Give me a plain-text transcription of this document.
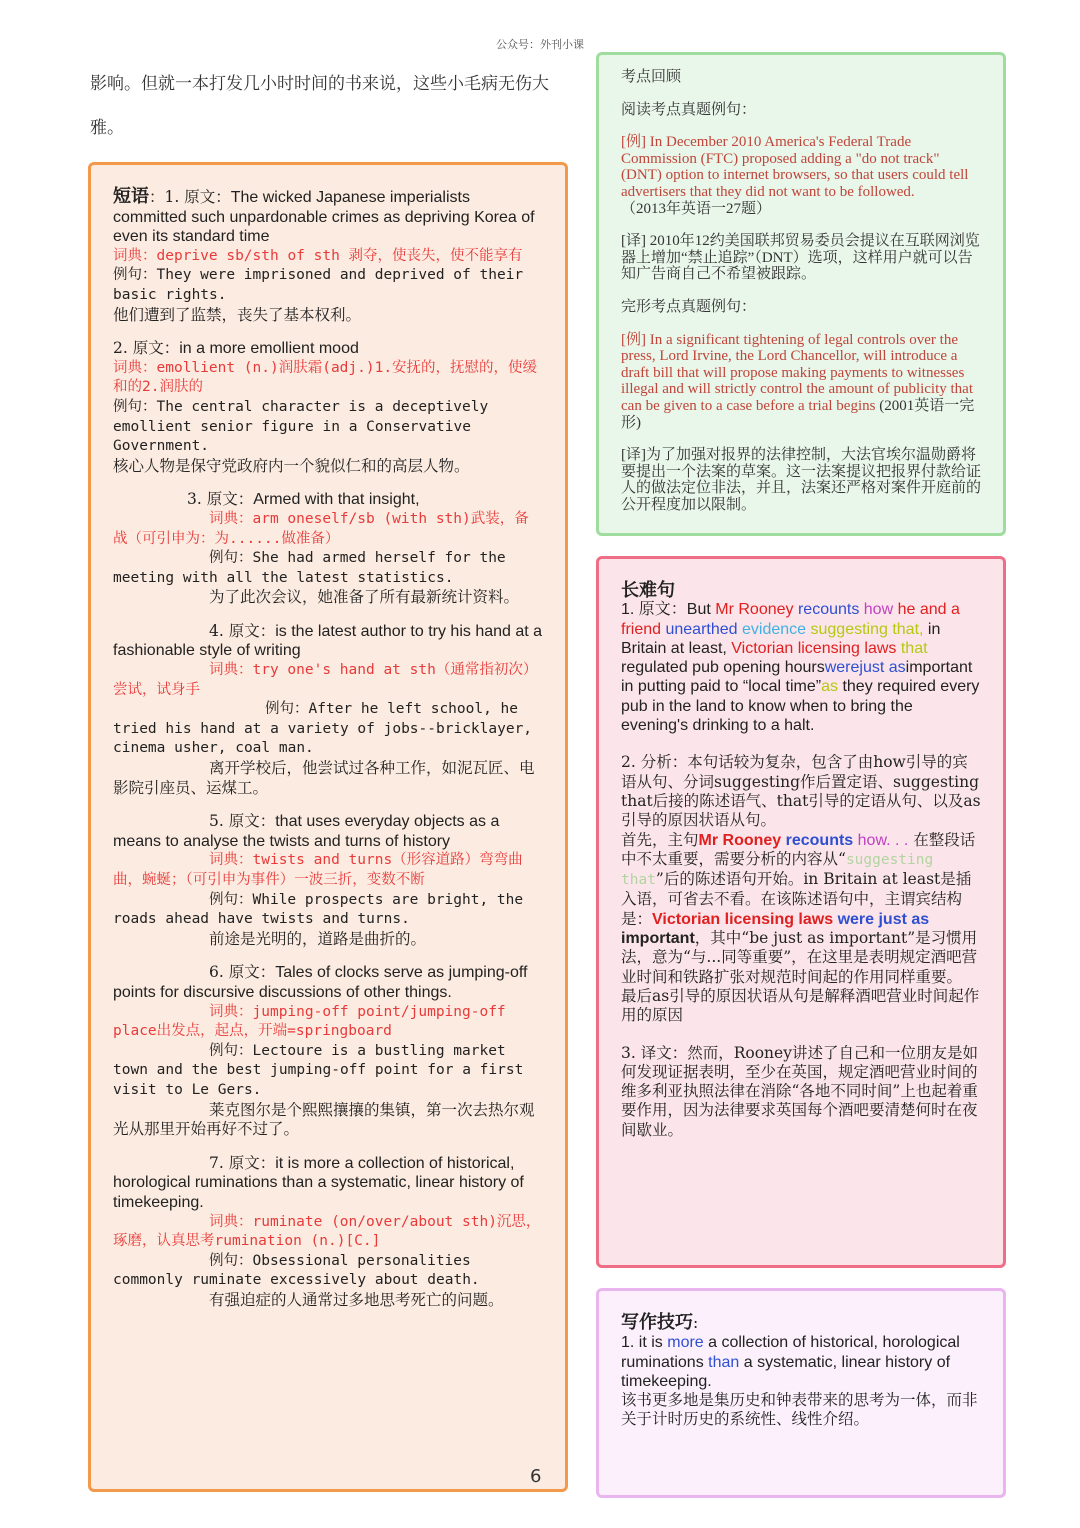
公众号：外刊小课
影响。但就一本打发几小时时间的书来说，这些小毛病无伤大
雅。
短语：1. 原文：The wicked Japanese imperialists committed such unpardonable crimes as depriving Korea of even its standard time
词典：deprive sb/sth of sth 剥夺，使丧失，使不能享有
例句：They were imprisoned and deprived of their basic rights.
他们遭到了监禁，丧失了基本权利。
2. 原文：in a more emollient mood
词典：emollient (n.)润肤霜(adj.)1.安抚的，抚慰的，使缓和的2.润肤的
例句：The central character is a deceptively emollient senior figure in a Conservative Government.
核心人物是保守党政府内一个貌似仁和的高层人物。
3. 原文：Armed with that insight,
词典：arm oneself/sb (with sth)武装，备战（可引申为：为......做准备）
例句：She had armed herself for the meeting with all the latest statistics.
为了此次会议，她准备了所有最新统计资料。
4. 原文：is the latest author to try his hand at a fashionable style of writing
词典：try one's hand at sth（通常指初次）尝试，试身手
例句：After he left school, he tried his hand at a variety of jobs--bricklayer, cinema usher, coal man.
离开学校后，他尝试过各种工作，如泥瓦匠、电影院引座员、运煤工。
5. 原文：that uses everyday objects as a means to analyse the twists and turns of history
词典：twists and turns（形容道路）弯弯曲曲，蜿蜒；（可引申为事件）一波三折，变数不断
例句：While prospects are bright, the roads ahead have twists and turns.
前途是光明的，道路是曲折的。
6. 原文：Tales of clocks serve as jumping-off points for discursive discussions of other things.
词典：jumping-off point/jumping-off place出发点，起点，开端=springboard
例句：Lectoure is a bustling market town and the best jumping-off point for a first visit to Le Gers.
莱克图尔是个熙熙攘攘的集镇，第一次去热尔观光从那里开始再好不过了。
7. 原文：it is more a collection of historical, horological ruminations than a systematic, linear history of timekeeping.
词典：ruminate (on/over/about sth)沉思，琢磨，认真思考rumination (n.)[C.]
例句：Obsessional personalities commonly ruminate excessively about death.
有强迫症的人通常过多地思考死亡的问题。

考点回顾

阅读考点真题例句：

[例] In December 2010 America's Federal Trade Commission (FTC) proposed adding a "do not track" (DNT) option to internet browsers, so that users could tell advertisers that they did not want to be followed.
（2013年英语一27题）

[译] 2010年12约美国联邦贸易委员会提议在互联网浏览器上增加“禁止追踪”（DNT）选项，这样用户就可以告知广告商自己不希望被跟踪。

完形考点真题例句：

[例] In a significant tightening of legal controls over the press, Lord Irvine, the Lord Chancellor, will introduce a draft bill that will propose making payments to witnesses illegal and will strictly control the amount of publicity that can be given to a case before a trial begins (2001英语一完形)

[译]为了加强对报界的法律控制，大法官埃尔温勋爵将要提出一个法案的草案。这一法案提议把报界付款给证人的做法定位非法，并且，法案还严格对案件开庭前的公开程度加以限制。

长难句

1. 原文：But Mr Rooney recounts how he and a friend unearthed evidence suggesting that, in Britain at least, Victorian licensing laws that regulated pub opening hourswerejust asimportant in putting paid to “local time”as they required every pub in the land to know when to bring the evening's drinking to a halt.

2. 分析：本句话较为复杂，包含了由how引导的宾语从句、分词suggesting作后置定语、suggesting that后接的陈述语气、that引导的定语从句、以及as引导的原因状语从句。
首先，主句Mr Rooney recounts how. . . 在整段话中不太重要，需要分析的内容从“suggesting that”后的陈述语句开始。in Britain at least是插入语，可省去不看。在该陈述语句中，主谓宾结构是：Victorian licensing laws were just as important，其中“be just as important”是习惯用法，意为“与...同等重要”，在这里是表明规定酒吧营业时间和铁路扩张对规范时间起的作用同样重要。
最后as引导的原因状语从句是解释酒吧营业时间起作用的原因

3. 译文：然而，Rooney讲述了自己和一位朋友是如何发现证据表明，至少在英国，规定酒吧营业时间的维多利亚执照法律在消除“各地不同时间”上也起着重要作用，因为法律要求英国每个酒吧要清楚何时在夜间歇业。

写作技巧:
1. it is more a collection of historical, horological ruminations than a systematic, linear history of timekeeping.
该书更多地是集历史和钟表带来的思考为一体，而非关于计时历史的系统性、线性介绍。
6
